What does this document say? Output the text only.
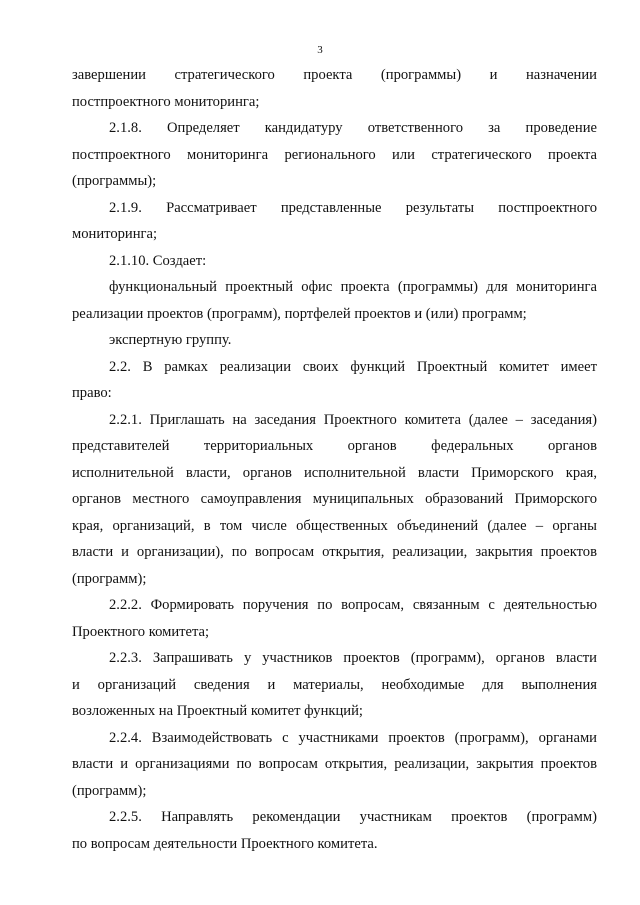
3

завершении стратегического проекта (программы) и назначении
постпроектного мониторинга;

2.1.8. Определяет кандидатуру ответственного за проведение
постпроектного мониторинга регионального или стратегического проекта
(программы);

2.1.9. Рассматривает представленные результаты постпроектного
мониторинга;

2.1.10. Создает:

функциональный проектный офис проекта (программы) для мониторинга
реализации проектов (программ), портфелей проектов и (или) программ;

экспертную группу.

2.2. В рамках реализации своих функций Проектный комитет имеет
право:

2.2.1. Приглашать на заседания Проектного комитета (далее – заседания)
представителей территориальных органов федеральных органов
исполнительной власти, органов исполнительной власти Приморского края,
органов местного самоуправления муниципальных образований Приморского
края, организаций, в том числе общественных объединений (далее – органы
власти и организации), по вопросам открытия, реализации, закрытия проектов
(программ);

2.2.2. Формировать поручения по вопросам, связанным с деятельностью
Проектного комитета;

2.2.3. Запрашивать у участников проектов (программ), органов власти
и организаций сведения и материалы, необходимые для выполнения
возложенных на Проектный комитет функций;

2.2.4. Взаимодействовать с участниками проектов (программ), органами
власти и организациями по вопросам открытия, реализации, закрытия проектов
(программ);

2.2.5. Направлять рекомендации участникам проектов (программ)
по вопросам деятельности Проектного комитета.
